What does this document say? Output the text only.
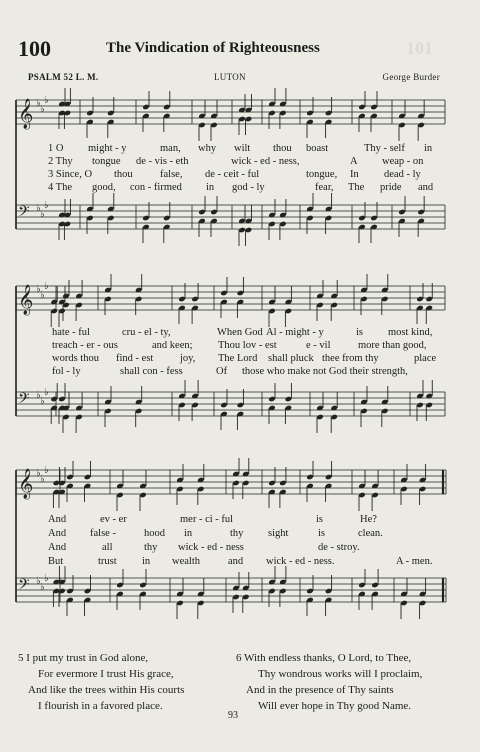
100	The Vindication of Righteousness	101
PSALM 52 L. M.	LUTON	George Burder
𝄞 ♭
♭
♭
𝄢 ♭
♭
♭
𝄞 ♭
♭
♭
𝄢 ♭
♭
♭
𝄞 ♭
♭
♭
𝄢 ♭
♭
♭
1 O might - y	man, why wilt thou boast	Thy - self in
2 Thy tongue de - vis - eth	wick - ed - ness,	A weap - on
3 Since, O thou	false, de - ceit - ful	tongue, In dead - ly
4 The good, con - firmed in god - ly	fear, The pride and
hate - ful	cru - el - ty,	When God Al - might - y	is most kind,
treach - er - ous	and keen; Thou lov - est	e - vil	more than good,
words thou find - est	joy, The Lord shall pluck thee from thy	place
fol - ly	shall con - fess	Of those who make not God their strength,
And	ev - er	mer - ci - ful	is	He?
And false -	hood in	thy sight	is	clean.
And	all	thy wick - ed - ness	de - stroy.
But	trust in wealth	and wick - ed - ness.	A - men.
5 I put my trust in God alone,
For evermore I trust His grace,
And like the trees within His courts
I flourish in a favored place.
6 With endless thanks, O Lord, to Thee,
Thy wondrous works will I proclaim,
And in the presence of Thy saints
Will ever hope in Thy good Name.
93
